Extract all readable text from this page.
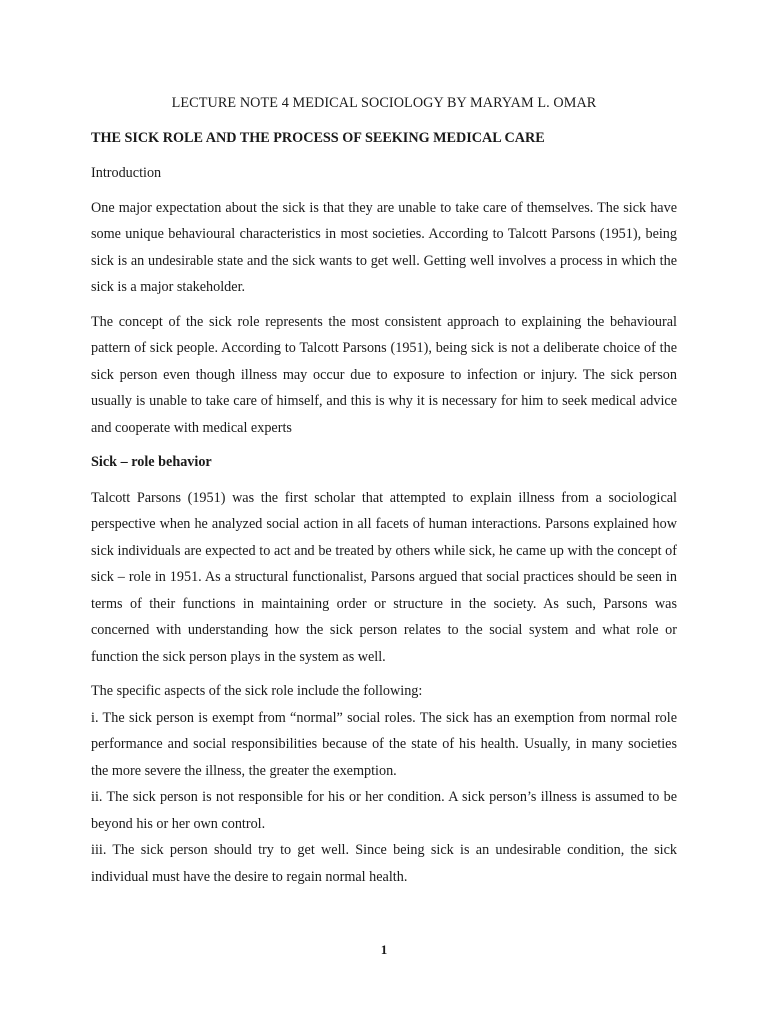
LECTURE NOTE 4 MEDICAL SOCIOLOGY BY MARYAM L. OMAR

THE SICK ROLE AND THE PROCESS OF SEEKING MEDICAL CARE

Introduction

One major expectation about the sick is that they are unable to take care of themselves. The sick have some unique behavioural characteristics in most societies. According to Talcott Parsons (1951), being sick is an undesirable state and the sick wants to get well. Getting well involves a process in which the sick is a major stakeholder.

The concept of the sick role represents the most consistent approach to explaining the behavioural pattern of sick people. According to Talcott Parsons (1951), being sick is not a deliberate choice of the sick person even though illness may occur due to exposure to infection or injury. The sick person usually is unable to take care of himself, and this is why it is necessary for him to seek medical advice and cooperate with medical experts

Sick – role behavior

Talcott Parsons (1951) was the first scholar that attempted to explain illness from a sociological perspective when he analyzed social action in all facets of human interactions. Parsons explained how sick individuals are expected to act and be treated by others while sick, he came up with the concept of sick – role in 1951. As a structural functionalist, Parsons argued that social practices should be seen in terms of their functions in maintaining order or structure in the society. As such, Parsons was concerned with understanding how the sick person relates to the social system and what role or function the sick person plays in the system as well.

The specific aspects of the sick role include the following:

i. The sick person is exempt from “normal” social roles. The sick has an exemption from normal role performance and social responsibilities because of the state of his health. Usually, in many societies the more severe the illness, the greater the exemption.

ii. The sick person is not responsible for his or her condition. A sick person’s illness is assumed to be beyond his or her own control.

iii. The sick person should try to get well. Since being sick is an undesirable condition, the sick individual must have the desire to regain normal health.

1
